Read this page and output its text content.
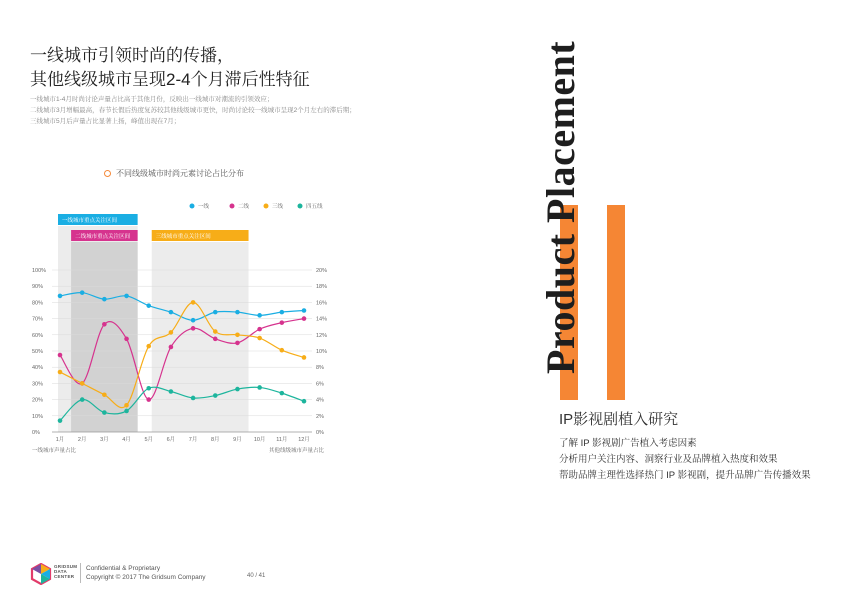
一线城市引领时尚的传播，
其他线级城市呈现2-4个月滞后性特征
一线城市1-4月时尚讨论声量占比高于其他月份，反映出一线城市对潮流的引领效应；
二线城市3月增幅最高，春节长假后热度复苏较其他线级城市更快，时尚讨论较一线城市呈现2个月左右的滞后期；
三线城市5月后声量占比显著上扬，峰值出现在7月；
不同线级城市时尚元素讨论占比分布
一线城市重点关注区间
二线城市重点关注区间	三线城市重点关注区间
0%	0%
10%	2%
20%	4%
30%	6%
40%	8%
50%	10%
60%	12%
70%	14%
80%	16%
90%	18%
100%	20%
1月 2月 3月 4月 5月 6月 7月 8月 9月 10月 11月 12月
一线城市声量占比	其他线级城市声量占比
一线	二线	三线	四五线	Product Placement
IP影视剧植入研究
了解 IP 影视剧广告植入考虑因素
分析用户关注内容、洞察行业及品牌植入热度和效果
帮助品牌主理性选择热门 IP 影视剧，提升品牌广告传播效果
GRIDSUM
DATA
CENTER
Confidential & Proprietary
Copyright © 2017 The Gridsum Company	40 / 41
